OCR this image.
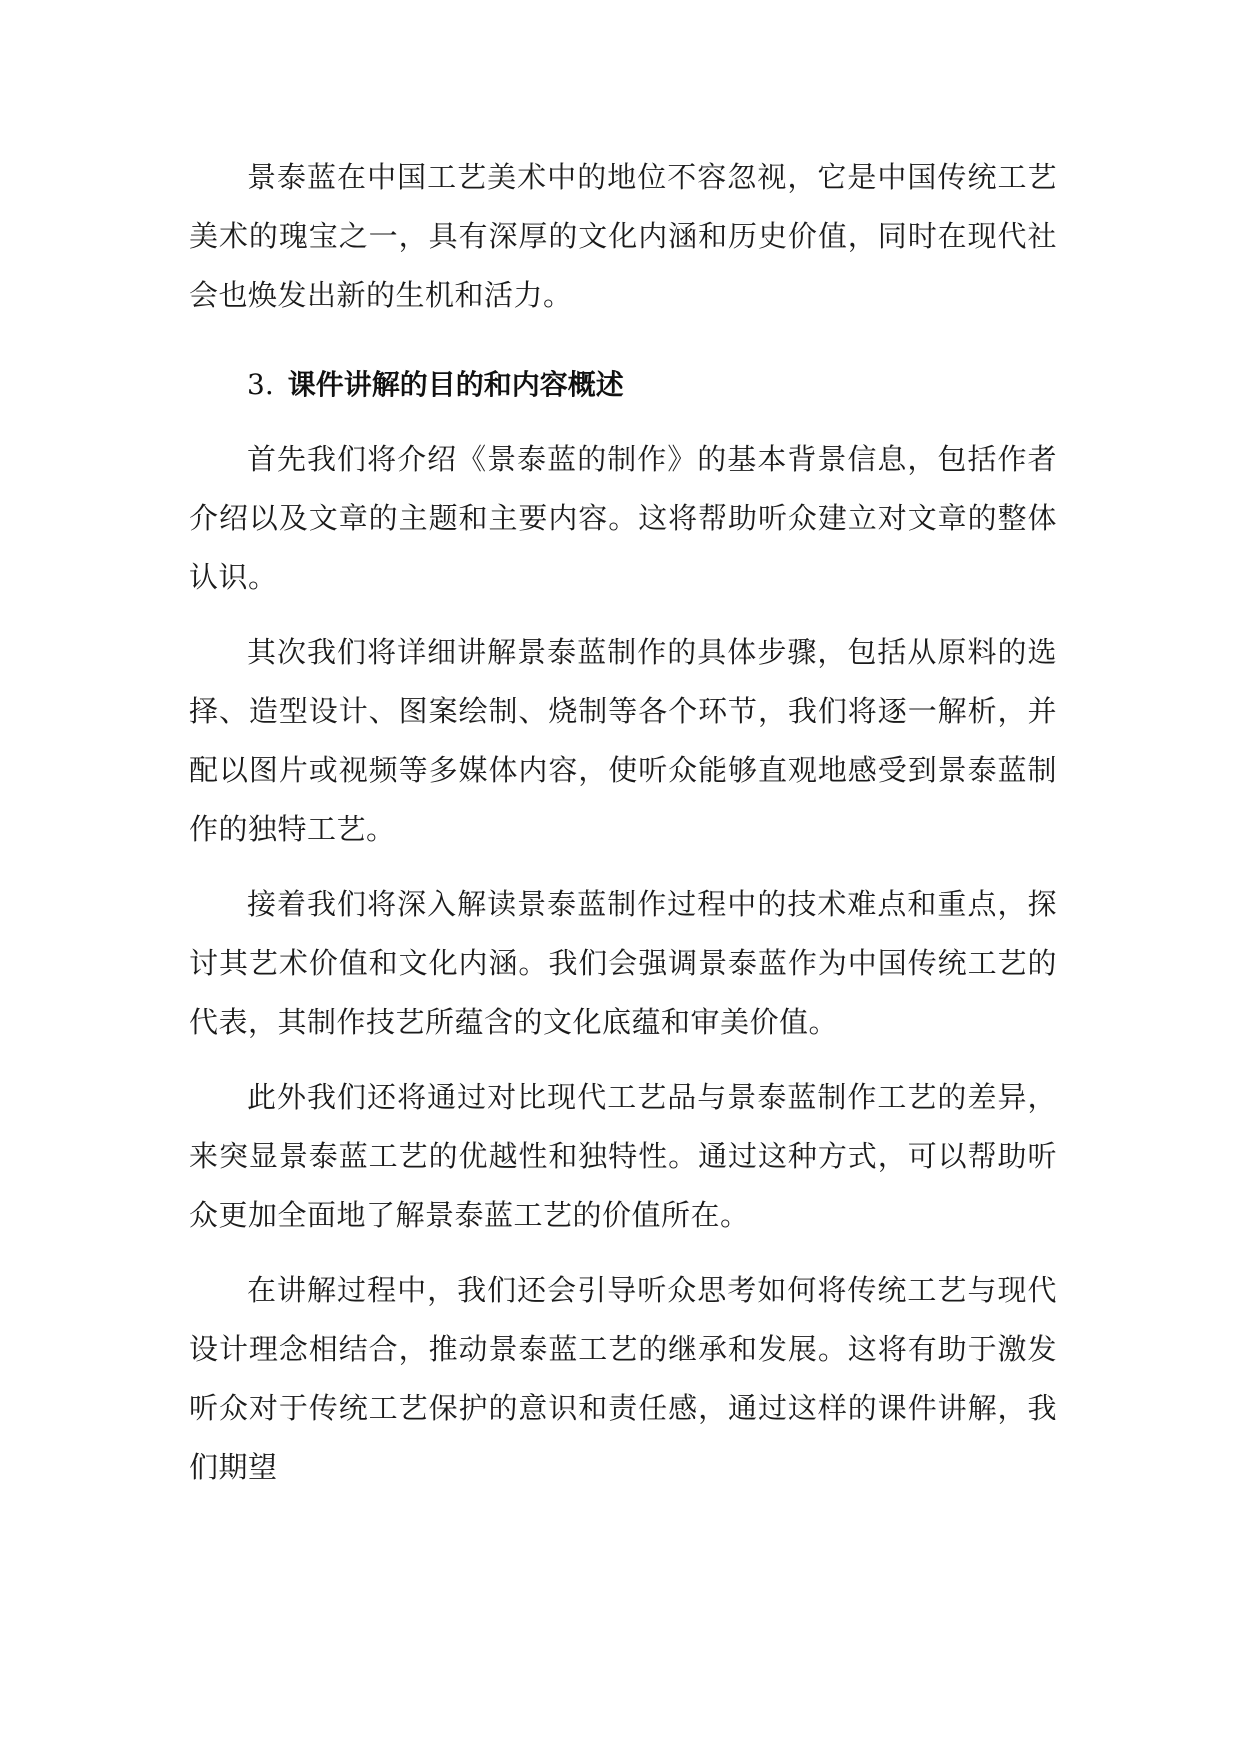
景泰蓝在中国工艺美术中的地位不容忽视，它是中国传统工艺美术的瑰宝之一，具有深厚的文化内涵和历史价值，同时在现代社会也焕发出新的生机和活力。

3. 课件讲解的目的和内容概述

首先我们将介绍《景泰蓝的制作》的基本背景信息，包括作者介绍以及文章的主题和主要内容。这将帮助听众建立对文章的整体认识。

其次我们将详细讲解景泰蓝制作的具体步骤，包括从原料的选择、造型设计、图案绘制、烧制等各个环节，我们将逐一解析，并配以图片或视频等多媒体内容，使听众能够直观地感受到景泰蓝制作的独特工艺。

接着我们将深入解读景泰蓝制作过程中的技术难点和重点，探讨其艺术价值和文化内涵。我们会强调景泰蓝作为中国传统工艺的代表，其制作技艺所蕴含的文化底蕴和审美价值。

此外我们还将通过对比现代工艺品与景泰蓝制作工艺的差异，来突显景泰蓝工艺的优越性和独特性。通过这种方式，可以帮助听众更加全面地了解景泰蓝工艺的价值所在。

在讲解过程中，我们还会引导听众思考如何将传统工艺与现代设计理念相结合，推动景泰蓝工艺的继承和发展。这将有助于激发听众对于传统工艺保护的意识和责任感，通过这样的课件讲解，我们期望
